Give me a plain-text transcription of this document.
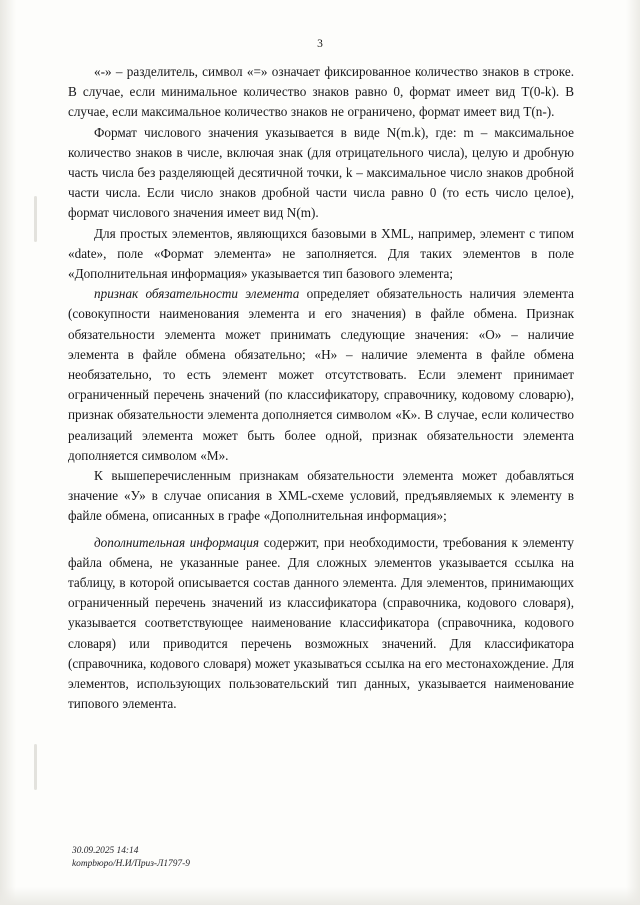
3

«-» – разделитель, символ «=» означает фиксированное количество знаков в строке. В случае, если минимальное количество знаков равно 0, формат имеет вид T(0-k). В случае, если максимальное количество знаков не ограничено, формат имеет вид T(n-).

Формат числового значения указывается в виде N(m.k), где: m – максимальное количество знаков в числе, включая знак (для отрицательного числа), целую и дробную часть числа без разделяющей десятичной точки, k – максимальное число знаков дробной части числа. Если число знаков дробной части числа равно 0 (то есть число целое), формат числового значения имеет вид N(m).

Для простых элементов, являющихся базовыми в XML, например, элемент с типом «date», поле «Формат элемента» не заполняется. Для таких элементов в поле «Дополнительная информация» указывается тип базового элемента;

признак обязательности элемента определяет обязательность наличия элемента (совокупности наименования элемента и его значения) в файле обмена. Признак обязательности элемента может принимать следующие значения: «О» – наличие элемента в файле обмена обязательно; «Н» – наличие элемента в файле обмена необязательно, то есть элемент может отсутствовать. Если элемент принимает ограниченный перечень значений (по классификатору, справочнику, кодовому словарю), признак обязательности элемента дополняется символом «К». В случае, если количество реализаций элемента может быть более одной, признак обязательности элемента дополняется символом «М».

К вышеперечисленным признакам обязательности элемента может добавляться значение «У» в случае описания в XML-схеме условий, предъявляемых к элементу в файле обмена, описанных в графе «Дополнительная информация»;

дополнительная информация содержит, при необходимости, требования к элементу файла обмена, не указанные ранее. Для сложных элементов указывается ссылка на таблицу, в которой описывается состав данного элемента. Для элементов, принимающих ограниченный перечень значений из классификатора (справочника, кодового словаря), указывается соответствующее наименование классификатора (справочника, кодового словаря) или приводится перечень возможных значений. Для классификатора (справочника, кодового словаря) может указываться ссылка на его местонахождение. Для элементов, использующих пользовательский тип данных, указывается наименование типового элемента.

30.09.2025 14:14
kompbюро/Н.И/Приз-Л1797-9
